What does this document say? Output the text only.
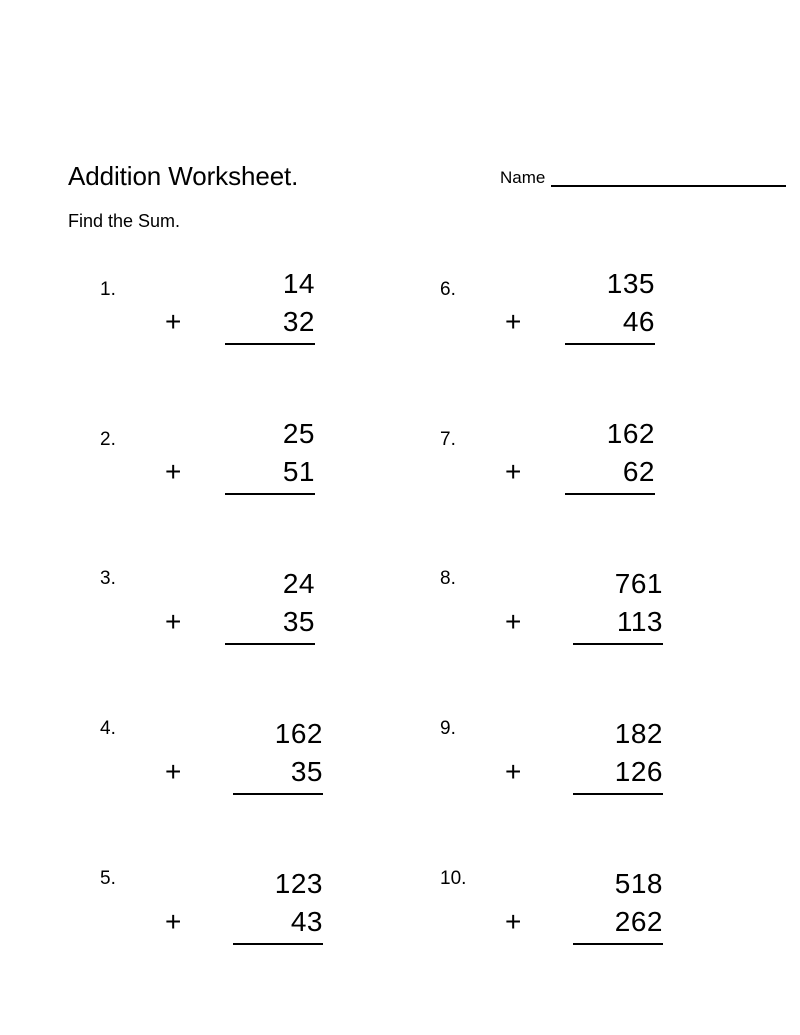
Addition Worksheet.
Find the Sum.
Name
1.	14
+	32
2.	25
+	51
3.	24
+	35
4.	162
+	35
5.	123
+	43
6.	135
+	46
7.	162
+	62
8.	761
+	113
9.	182
+	126
10.	518
+	262
